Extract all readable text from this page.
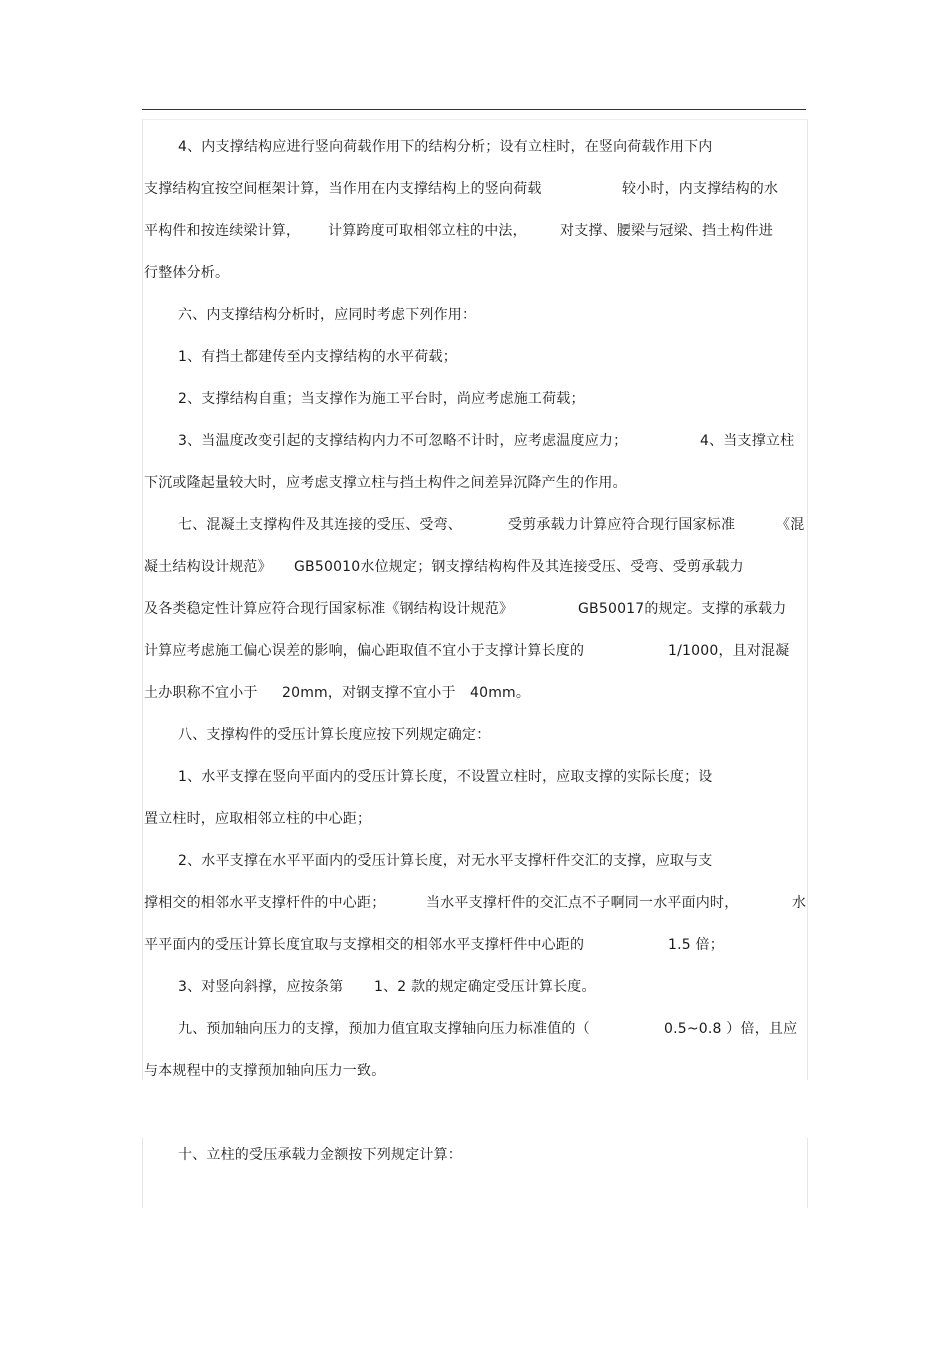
4、内支撑结构应进行竖向荷载作用下的结构分析；设有立柱时，在竖向荷载作用下内

支撑结构宜按空间框架计算，当作用在内支撑结构上的竖向荷载	较小时，内支撑结构的水

平构件和按连续梁计算， 计算跨度可取相邻立柱的中法， 对支撑、腰梁与冠梁、挡土构件进

行整体分析。

六、内支撑结构分析时，应同时考虑下列作用：

1、有挡土都建传至内支撑结构的水平荷载；

2、支撑结构自重；当支撑作为施工平台时，尚应考虑施工荷载；

3、当温度改变引起的支撑结构内力不可忽略不计时，应考虑温度应力；	4、当支撑立柱

下沉或隆起量较大时，应考虑支撑立柱与挡土构件之间差异沉降产生的作用。

七、混凝土支撑构件及其连接的受压、受弯、	受剪承载力计算应符合现行国家标准	《混

凝土结构设计规范》 GB50010水位规定；钢支撑结构构件及其连接受压、受弯、受剪承载力

及各类稳定性计算应符合现行国家标准《钢结构设计规范》	GB50017的规定。支撑的承载力

计算应考虑施工偏心误差的影响，偏心距取值不宜小于支撑计算长度的	1/1000，且对混凝

土办职称不宜小于 20mm，对钢支撑不宜小于 40mm。

八、支撑构件的受压计算长度应按下列规定确定：

1、水平支撑在竖向平面内的受压计算长度，不设置立柱时，应取支撑的实际长度；设

置立柱时，应取相邻立柱的中心距；

2、水平支撑在水平平面内的受压计算长度，对无水平支撑杆件交汇的支撑，应取与支

撑相交的相邻水平支撑杆件的中心距；	当水平支撑杆件的交汇点不子啊同一水平面内时，	水

平平面内的受压计算长度宜取与支撑相交的相邻水平支撑杆件中心距的	1.5 倍；

3、对竖向斜撑，应按条第 1、2 款的规定确定受压计算长度。

九、预加轴向压力的支撑，预加力值宜取支撑轴向压力标准值的（	0.5~0.8 ）倍，且应

与本规程中的支撑预加轴向压力一致。

十、立柱的受压承载力金额按下列规定计算：
